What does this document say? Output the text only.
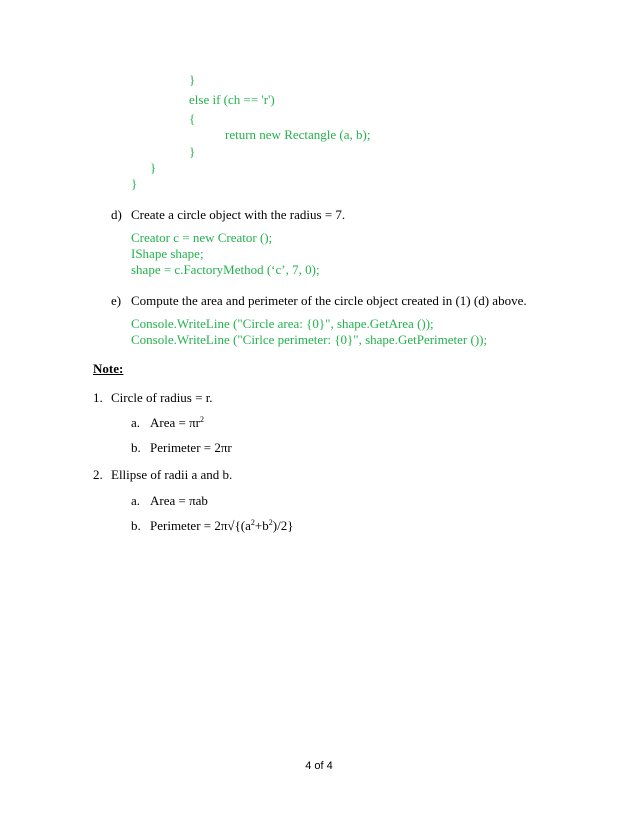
}
else if (ch == 'r')
{
return new Rectangle (a, b);
}
}
}
d) Create a circle object with the radius = 7.
Creator c = new Creator ();
IShape shape;
shape = c.FactoryMethod (‘c’, 7, 0);
e) Compute the area and perimeter of the circle object created in (1) (d) above.
Console.WriteLine ("Circle area: {0}", shape.GetArea ());
Console.WriteLine ("Cirlce perimeter: {0}", shape.GetPerimeter ());
Note:
1. Circle of radius = r.
a. Area = $\pi r^2$
b. Perimeter = 2πr
2. Ellipse of radii a and b.
a. Area = πab
b. Perimeter = $2\pi√\{(a^2+b^2)/2\}$
4 of 4
